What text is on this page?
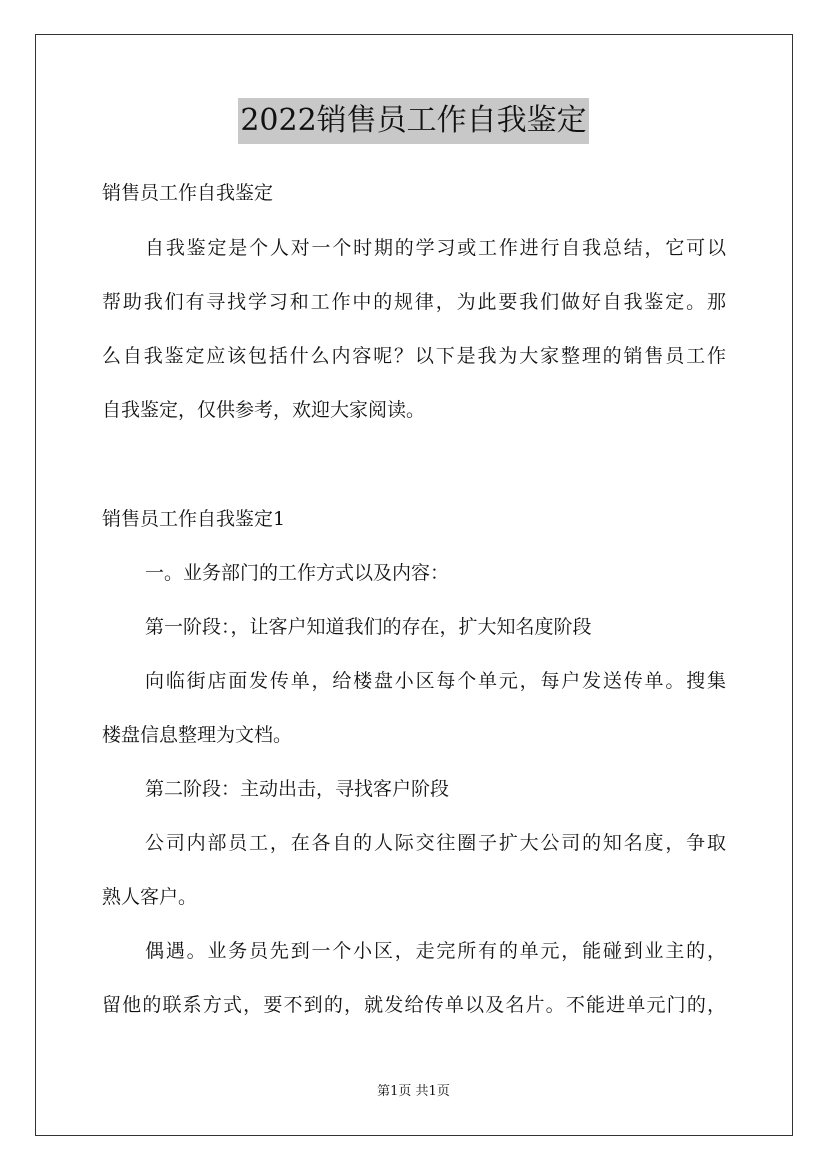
2022销售员工作自我鉴定
销售员工作自我鉴定
自我鉴定是个人对一个时期的学习或工作进行自我总结，它可以
帮助我们有寻找学习和工作中的规律，为此要我们做好自我鉴定。那
么自我鉴定应该包括什么内容呢？以下是我为大家整理的销售员工作
自我鉴定，仅供参考，欢迎大家阅读。
销售员工作自我鉴定1
一。业务部门的工作方式以及内容：
第一阶段：，让客户知道我们的存在，扩大知名度阶段
向临街店面发传单，给楼盘小区每个单元，每户发送传单。搜集
楼盘信息整理为文档。
第二阶段：主动出击，寻找客户阶段
公司内部员工，在各自的人际交往圈子扩大公司的知名度，争取
熟人客户。
偶遇。业务员先到一个小区，走完所有的单元，能碰到业主的，
留他的联系方式，要不到的，就发给传单以及名片。不能进单元门的，
第1页 共1页
